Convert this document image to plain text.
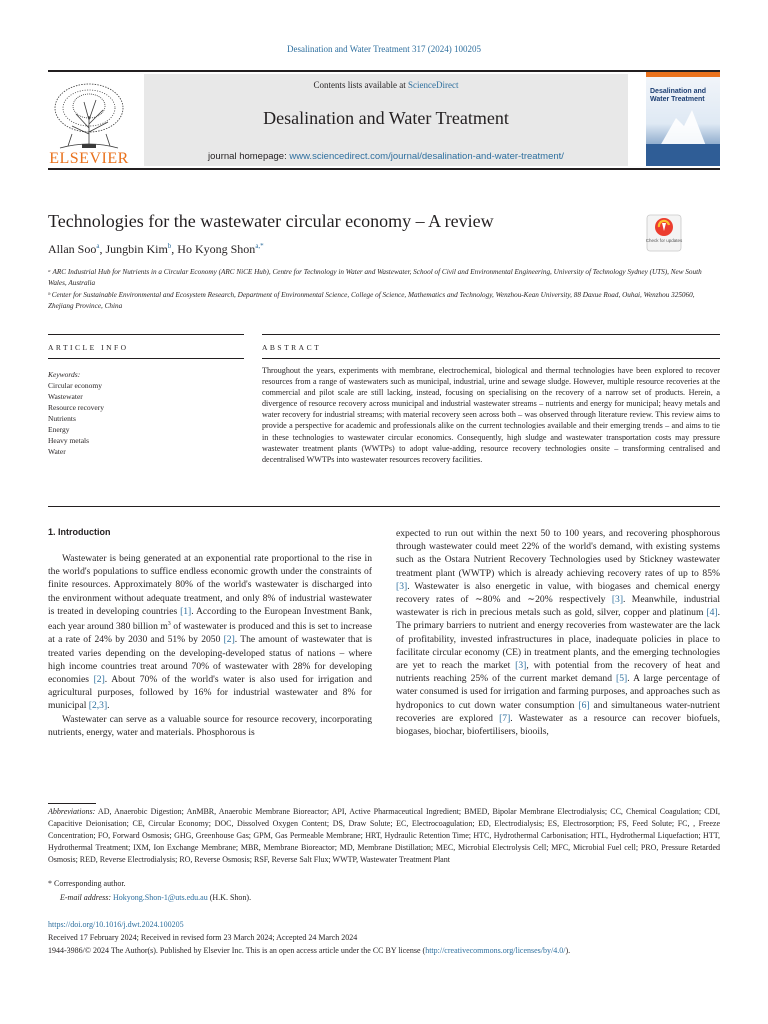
Desalination and Water Treatment 317 (2024) 100205
ELSEVIER
Contents lists available at ScienceDirect
Desalination and Water Treatment
journal homepage: www.sciencedirect.com/journal/desalination-and-water-treatment/
Desalination and Water Treatment
Technologies for the wastewater circular economy – A review
Allan Soo$^a$, Jungbin Kim$^b$, Ho Kyong Shon$^{a,*}$
Check for updates
ᵃ ARC Industrial Hub for Nutrients in a Circular Economy (ARC NiCE Hub), Centre for Technology in Water and Wastewater, School of Civil and Environmental Engineering, University of Technology Sydney (UTS), New South Wales, Australia
ᵇ Center for Sustainable Environmental and Ecosystem Research, Department of Environmental Science, College of Science, Mathematics and Technology, Wenzhou-Kean University, 88 Daxue Road, Ouhai, Wenzhou 325060, Zhejiang Province, China
ARTICLE INFO	ABSTRACT
Keywords:
Circular economy
Wastewater
Resource recovery
Nutrients
Energy
Heavy metals
Water
Throughout the years, experiments with membrane, electrochemical, biological and thermal technologies have been explored to recover resources from a range of wastewaters such as municipal, industrial, urine and sewage sludge. However, multiple resource recoveries at the commercial and pilot scale are still lacking, instead, focusing on specialising on the recovery of a narrow set of products. Herein, a divergence of resource recovery across municipal and industrial wastewater streams – nutrients and energy for municipal; heavy metals and water recovery for industrial streams; with material recovery seen across both – was observed through literature review. This review aims to provide a perspective for academic and professionals alike on the current technologies available and their emerging trends – and aims to tie in these technologies to wastewater circular economics. Consequently, high sludge and wastewater transportation costs may pressure wastewater treatment plants (WWTPs) to adopt value-adding, resource recovery technologies onsite – transforming centralised and decentralised WWTPs into wastewater resources recovery facilities.
1. Introduction

Wastewater is being generated at an exponential rate proportional to the rise in the world's populations to suffice endless economic growth under the constraints of finite resources. Approximately 80% of the world's wastewater is discharged into the environment without adequate treatment, and only 8% of industrial wastewater is treated in developing countries [1]. According to the European Investment Bank, each year around 380 billion $m^3$ of wastewater is produced and this is set to increase at a rate of 24% by 2030 and 51% by 2050 [2]. The amount of wastewater that is treated varies depending on the developing-developed status of nations – where high income countries treat around 70% of wastewater with 28% for developing economies [2]. About 70% of the world's water is also used for irrigation and agricultural purposes, followed by 16% for industrial wastewater and 8% for municipal [2,3].

Wastewater can serve as a valuable source for resource recovery, incorporating nutrients, energy, water and materials. Phosphorous is

expected to run out within the next 50 to 100 years, and recovering phosphorous through wastewater could meet 22% of the world's demand, with existing systems such as the Ostara Nutrient Recovery Technologies used by Stickney wastewater treatment plant (WWTP) which is already achieving recovery rates of up to 85% [3]. Wastewater is also energetic in value, with biogases and chemical energy recovery rates of ∼80% and ∼20% respectively [3]. Meanwhile, industrial wastewater is rich in precious metals such as gold, silver, copper and platinum [4]. The primary barriers to nutrient and energy recoveries from wastewater are the lack of profitability, invested infrastructures in place, inadequate policies in place to facilitate circular economy (CE) in treatment plants, and the emerging technologies are yet to reach the market [3], with potential from the recovery of heat and nutrients reaching 25% of the current market demand [5]. A large percentage of water consumed is used for irrigation and farming purposes, and approaches such as hydroponics to cut down water consumption [6] and simultaneous water-nutrient recoveries are explored [7]. Wastewater as a resource can recover biofuels, biogases, biochar, biofertilisers, biooils,

Abbreviations: AD, Anaerobic Digestion; AnMBR, Anaerobic Membrane Bioreactor; API, Active Pharmaceutical Ingredient; BMED, Bipolar Membrane Electrodialysis; CC, Chemical Coagulation; CDI, Capacitive Deionisation; CE, Circular Economy; DOC, Dissolved Oxygen Content; DS, Draw Solute; EC, Electrocoagulation; ED, Electrodialysis; ES, Electrosorption; FS, Feed Solute; FC, , Freeze Concentration; FO, Forward Osmosis; GHG, Greenhouse Gas; GPM, Gas Permeable Membrane; HRT, Hydraulic Retention Time; HTC, Hydrothermal Carbonisation; HTL, Hydrothermal Liquefaction; HTT, Hydrothermal Treatment; IXM, Ion Exchange Membrane; MBR, Membrane Bioreactor; MD, Membrane Distillation; MEC, Microbial Electrolysis Cell; MFC, Microbial Fuel cell; PRO, Pressure Retarded Osmosis; RED, Reverse Electrodialysis; RO, Reverse Osmosis; RSF, Reverse Salt Flux; WWTP, Wastewater Treatment Plant
* Corresponding author.
E-mail address: Hokyong.Shon-1@uts.edu.au (H.K. Shon).
https://doi.org/10.1016/j.dwt.2024.100205
Received 17 February 2024; Received in revised form 23 March 2024; Accepted 24 March 2024
1944-3986/© 2024 The Author(s). Published by Elsevier Inc. This is an open access article under the CC BY license (http://creativecommons.org/licenses/by/4.0/).
